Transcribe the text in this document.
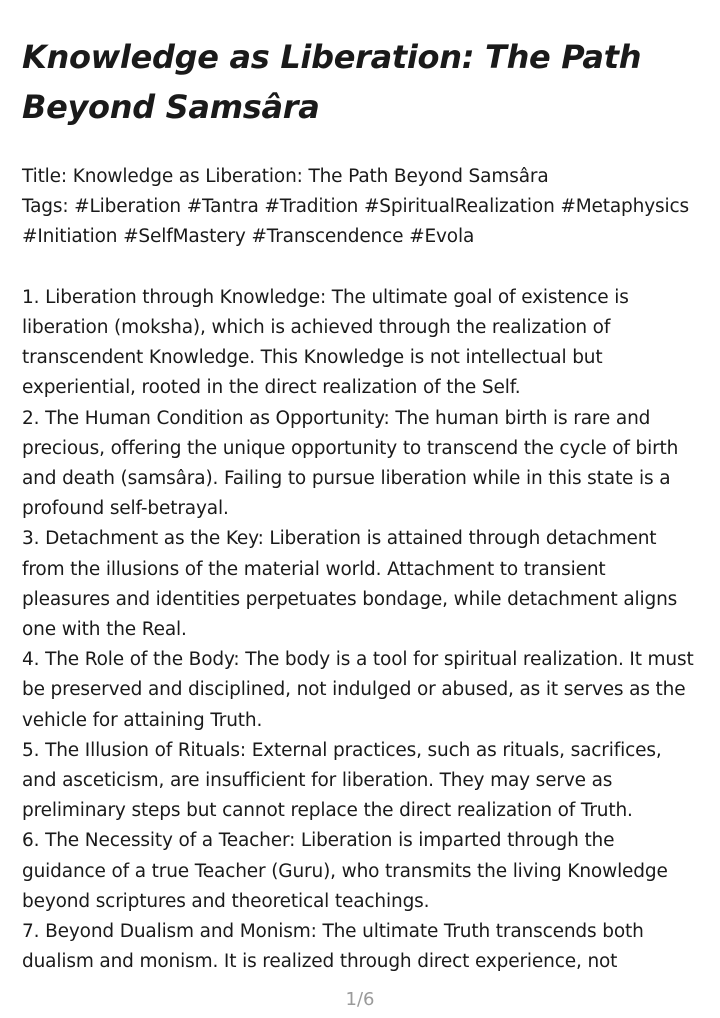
Knowledge as Liberation: The Path Beyond Samsâra
Title: Knowledge as Liberation: The Path Beyond Samsâra
Tags: #Liberation #Tantra #Tradition #SpiritualRealization #Metaphysics #Initiation #SelfMastery #Transcendence #Evola
1. Liberation through Knowledge: The ultimate goal of existence is liberation (moksha), which is achieved through the realization of transcendent Knowledge. This Knowledge is not intellectual but experiential, rooted in the direct realization of the Self.
2. The Human Condition as Opportunity: The human birth is rare and precious, offering the unique opportunity to transcend the cycle of birth and death (samsâra). Failing to pursue liberation while in this state is a profound self-betrayal.
3. Detachment as the Key: Liberation is attained through detachment from the illusions of the material world. Attachment to transient pleasures and identities perpetuates bondage, while detachment aligns one with the Real.
4. The Role of the Body: The body is a tool for spiritual realization. It must be preserved and disciplined, not indulged or abused, as it serves as the vehicle for attaining Truth.
5. The Illusion of Rituals: External practices, such as rituals, sacrifices, and asceticism, are insufficient for liberation. They may serve as preliminary steps but cannot replace the direct realization of Truth.
6. The Necessity of a Teacher: Liberation is imparted through the guidance of a true Teacher (Guru), who transmits the living Knowledge beyond scriptures and theoretical teachings.
7. Beyond Dualism and Monism: The ultimate Truth transcends both dualism and monism. It is realized through direct experience, not
1/6
